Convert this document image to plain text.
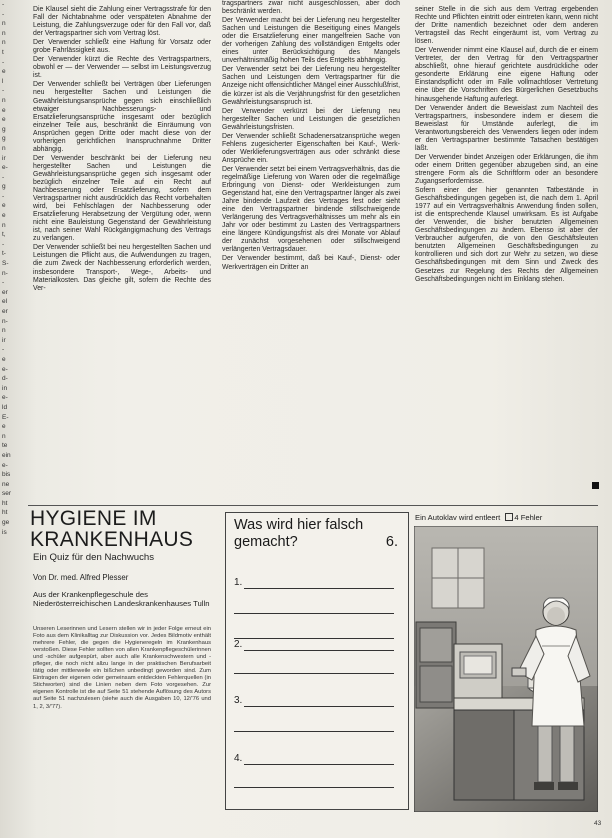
-
-
n
n
n
t
-
e
l
-
n
e
e
g
g
n
ir
e-
-
g
-
e
e
n
t,
-
t-
S-
n-
-
er
el
er
n-
n
ir
-
e
e-
d-
in
e-
ld
E-
e
n
te
ein
e-
bis
ne
ser
ht
ht
ge
is

Die Klausel sieht die Zahlung einer Vertragsstrafe für den Fall der Nichtabnahme oder verspäteten Abnahme der Leistung, die Zahlungsverzuge oder für den Fall vor, daß der Vertragspartner sich vom Vertrag löst.

Der Verwender schließt eine Haftung für Vorsatz oder grobe Fahrlässigkeit aus.

Der Verwender kürzt die Rechte des Vertragspartners, obwohl er — der Verwender — selbst im Leistungsverzug ist.

Der Verwender schließt bei Verträgen über Lieferungen neu hergestellter Sachen und Leistungen die Gewährleistungsansprüche gegen sich einschließlich etwaiger Nachbesserungs- und Ersatzlieferungsansprüche insgesamt oder bezüglich einzelner Teile aus, beschränkt die Einräumung von Ansprüchen gegen Dritte oder macht diese von der vorherigen gerichtlichen Inanspruchnahme Dritter abhängig.

Der Verwender beschränkt bei der Lieferung neu hergestellter Sachen und Leistungen die Gewährleistungsansprüche gegen sich insgesamt oder bezüglich einzelner Teile auf ein Recht auf Nachbesserung oder Ersatzlieferung, sofern dem Vertragspartner nicht ausdrücklich das Recht vorbehalten wird, bei Fehlschlagen der Nachbesserung oder Ersatzlieferung Herabsetzung der Vergütung oder, wenn nicht eine Bauleistung Gegenstand der Gewährleistung ist, nach seiner Wahl Rückgängigmachung des Vertrags zu verlangen.

Der Verwender schließt bei neu hergestellten Sachen und Leistungen die Pflicht aus, die Aufwendungen zu tragen, die zum Zweck der Nachbesserung erforderlich werden, insbesondere Transport-, Wege-, Arbeits- und Materialkosten. Das gleiche gilt, sofern die Rechte des Ver-

tragspartners zwar nicht ausgeschlossen, aber doch beschränkt werden.

Der Verwender macht bei der Lieferung neu hergestellter Sachen und Leistungen die Beseitigung eines Mangels oder die Ersatzlieferung einer mangelfreien Sache von der vorherigen Zahlung des vollständigen Entgelts oder eines unter Berücksichtigung des Mangels unverhältnismäßig hohen Teils des Entgelts abhängig.

Der Verwender setzt bei der Lieferung neu hergestellter Sachen und Leistungen dem Vertragspartner für die Anzeige nicht offensichtlicher Mängel einer Ausschlußfrist, die kürzer ist als die Verjährungsfrist für den gesetzlichen Gewährleistungsanspruch ist.

Der Verwender verkürzt bei der Lieferung neu hergestellter Sachen und Leistungen die gesetzlichen Gewährleistungsfristen.

Der Verwender schließt Schadenersatzansprüche wegen Fehlens zugesicherter Eigenschaften bei Kauf-, Werk- oder Werklieferungsverträgen aus oder schränkt diese Ansprüche ein.

Der Verwender setzt bei einem Vertragsverhältnis, das die regelmäßige Lieferung von Waren oder die regelmäßige Erbringung von Dienst- oder Werkleistungen zum Gegenstand hat, eine den Vertragspartner länger als zwei Jahre bindende Laufzeit des Vertrages fest oder sieht eine den Vertragspartner bindende stillschweigende Verlängerung des Vertragsverhältnisses um mehr als ein Jahr vor oder bestimmt zu Lasten des Vertragspartners eine längere Kündigungsfrist als drei Monate vor Ablauf der zunächst vorgesehenen oder stillschweigend verlängerten Vertragsdauer.

Der Verwender bestimmt, daß bei Kauf-, Dienst- oder Werkverträgen ein Dritter an

seiner Stelle in die sich aus dem Vertrag ergebenden Rechte und Pflichten eintritt oder eintreten kann, wenn nicht der Dritte namentlich bezeichnet oder dem anderen Vertragsteil das Recht eingeräumt ist, vom Vertrag zu lösen.

Der Verwender nimmt eine Klausel auf, durch die er einem Vertreter, der den Vertrag für den Vertragspartner abschließt, ohne hierauf gerichtete ausdrückliche oder gesonderte Erklärung eine eigene Haftung oder Einstandspflicht oder im Falle vollmachtloser Vertretung eine über die Vorschriften des Bürgerlichen Gesetzbuchs hinausgehende Haftung auferlegt.

Der Verwender ändert die Beweislast zum Nachteil des Vertragspartners, insbesondere indem er diesem die Beweislast für Umstände auferlegt, die im Verantwortungsbereich des Verwenders liegen oder indem er den Vertragspartner bestimmte Tatsachen bestätigen läßt.

Der Verwender bindet Anzeigen oder Erklärungen, die ihm oder einem Dritten gegenüber abzugeben sind, an eine strengere Form als die Schriftform oder an besondere Zugangserfordernisse.

Sofern einer der hier genannten Tatbestände in Geschäftsbedingungen gegeben ist, die nach dem 1. April 1977 auf ein Vertragsverhältnis Anwendung finden sollen, ist die entsprechende Klausel unwirksam. Es ist Aufgabe der Verwender, die bisher benutzten Allgemeinen Geschäftsbedingungen zu ändern. Ebenso ist aber der Verbraucher aufgerufen, die von den Geschäftsleuten benutzten Allgemeinen Geschäftsbedingungen zu kontrollieren und sich dort zur Wehr zu setzen, wo diese Geschäftsbedingungen mit dem Sinn und Zweck des Gesetzes zur Regelung des Rechts der Allgemeinen Geschäftsbedingungen nicht im Einklang stehen.

HYGIENE IM KRANKENHAUS
Ein Quiz für den Nachwuchs
Von Dr. med. Alfred Plesser
Aus der Krankenpflegeschule des Niederösterreichischen Landeskrankenhauses Tulln
Unseren Leserinnen und Lesern stellen wir in jeder Folge erneut ein Foto aus dem Klinikalltag zur Diskussion vor. Jedes Bildmotiv enthält mehrere Fehler, die gegen die Hygieneregeln im Krankenhaus verstoßen. Diese Fehler sollten von allen Krankenpflegeschülerinnen und -schüler aufgespürt, aber auch alle Krankenschwestern und -pfleger, die noch nicht allzu lange in der praktischen Berufsarbeit tätig oder mittlerweile ein bißchen unbedingt geworden sind. Zum Eintragen der eigenen oder gemeinsam entdeckten Fehlerquellen (in Stichworten) sind die Linien neben dem Foto vorgesehen. Zur eigenen Kontrolle ist die auf Seite 51 stehende Auflösung des Autors auf Seite 51 nachzulesen (siehe auch die Ausgaben 10, 12/'76 und 1, 2, 3/'77).
Was wird hier falsch
gemacht?	6.
1.
2.
3.
4.
Ein Autoklav wird entleert 4 Fehler
43
